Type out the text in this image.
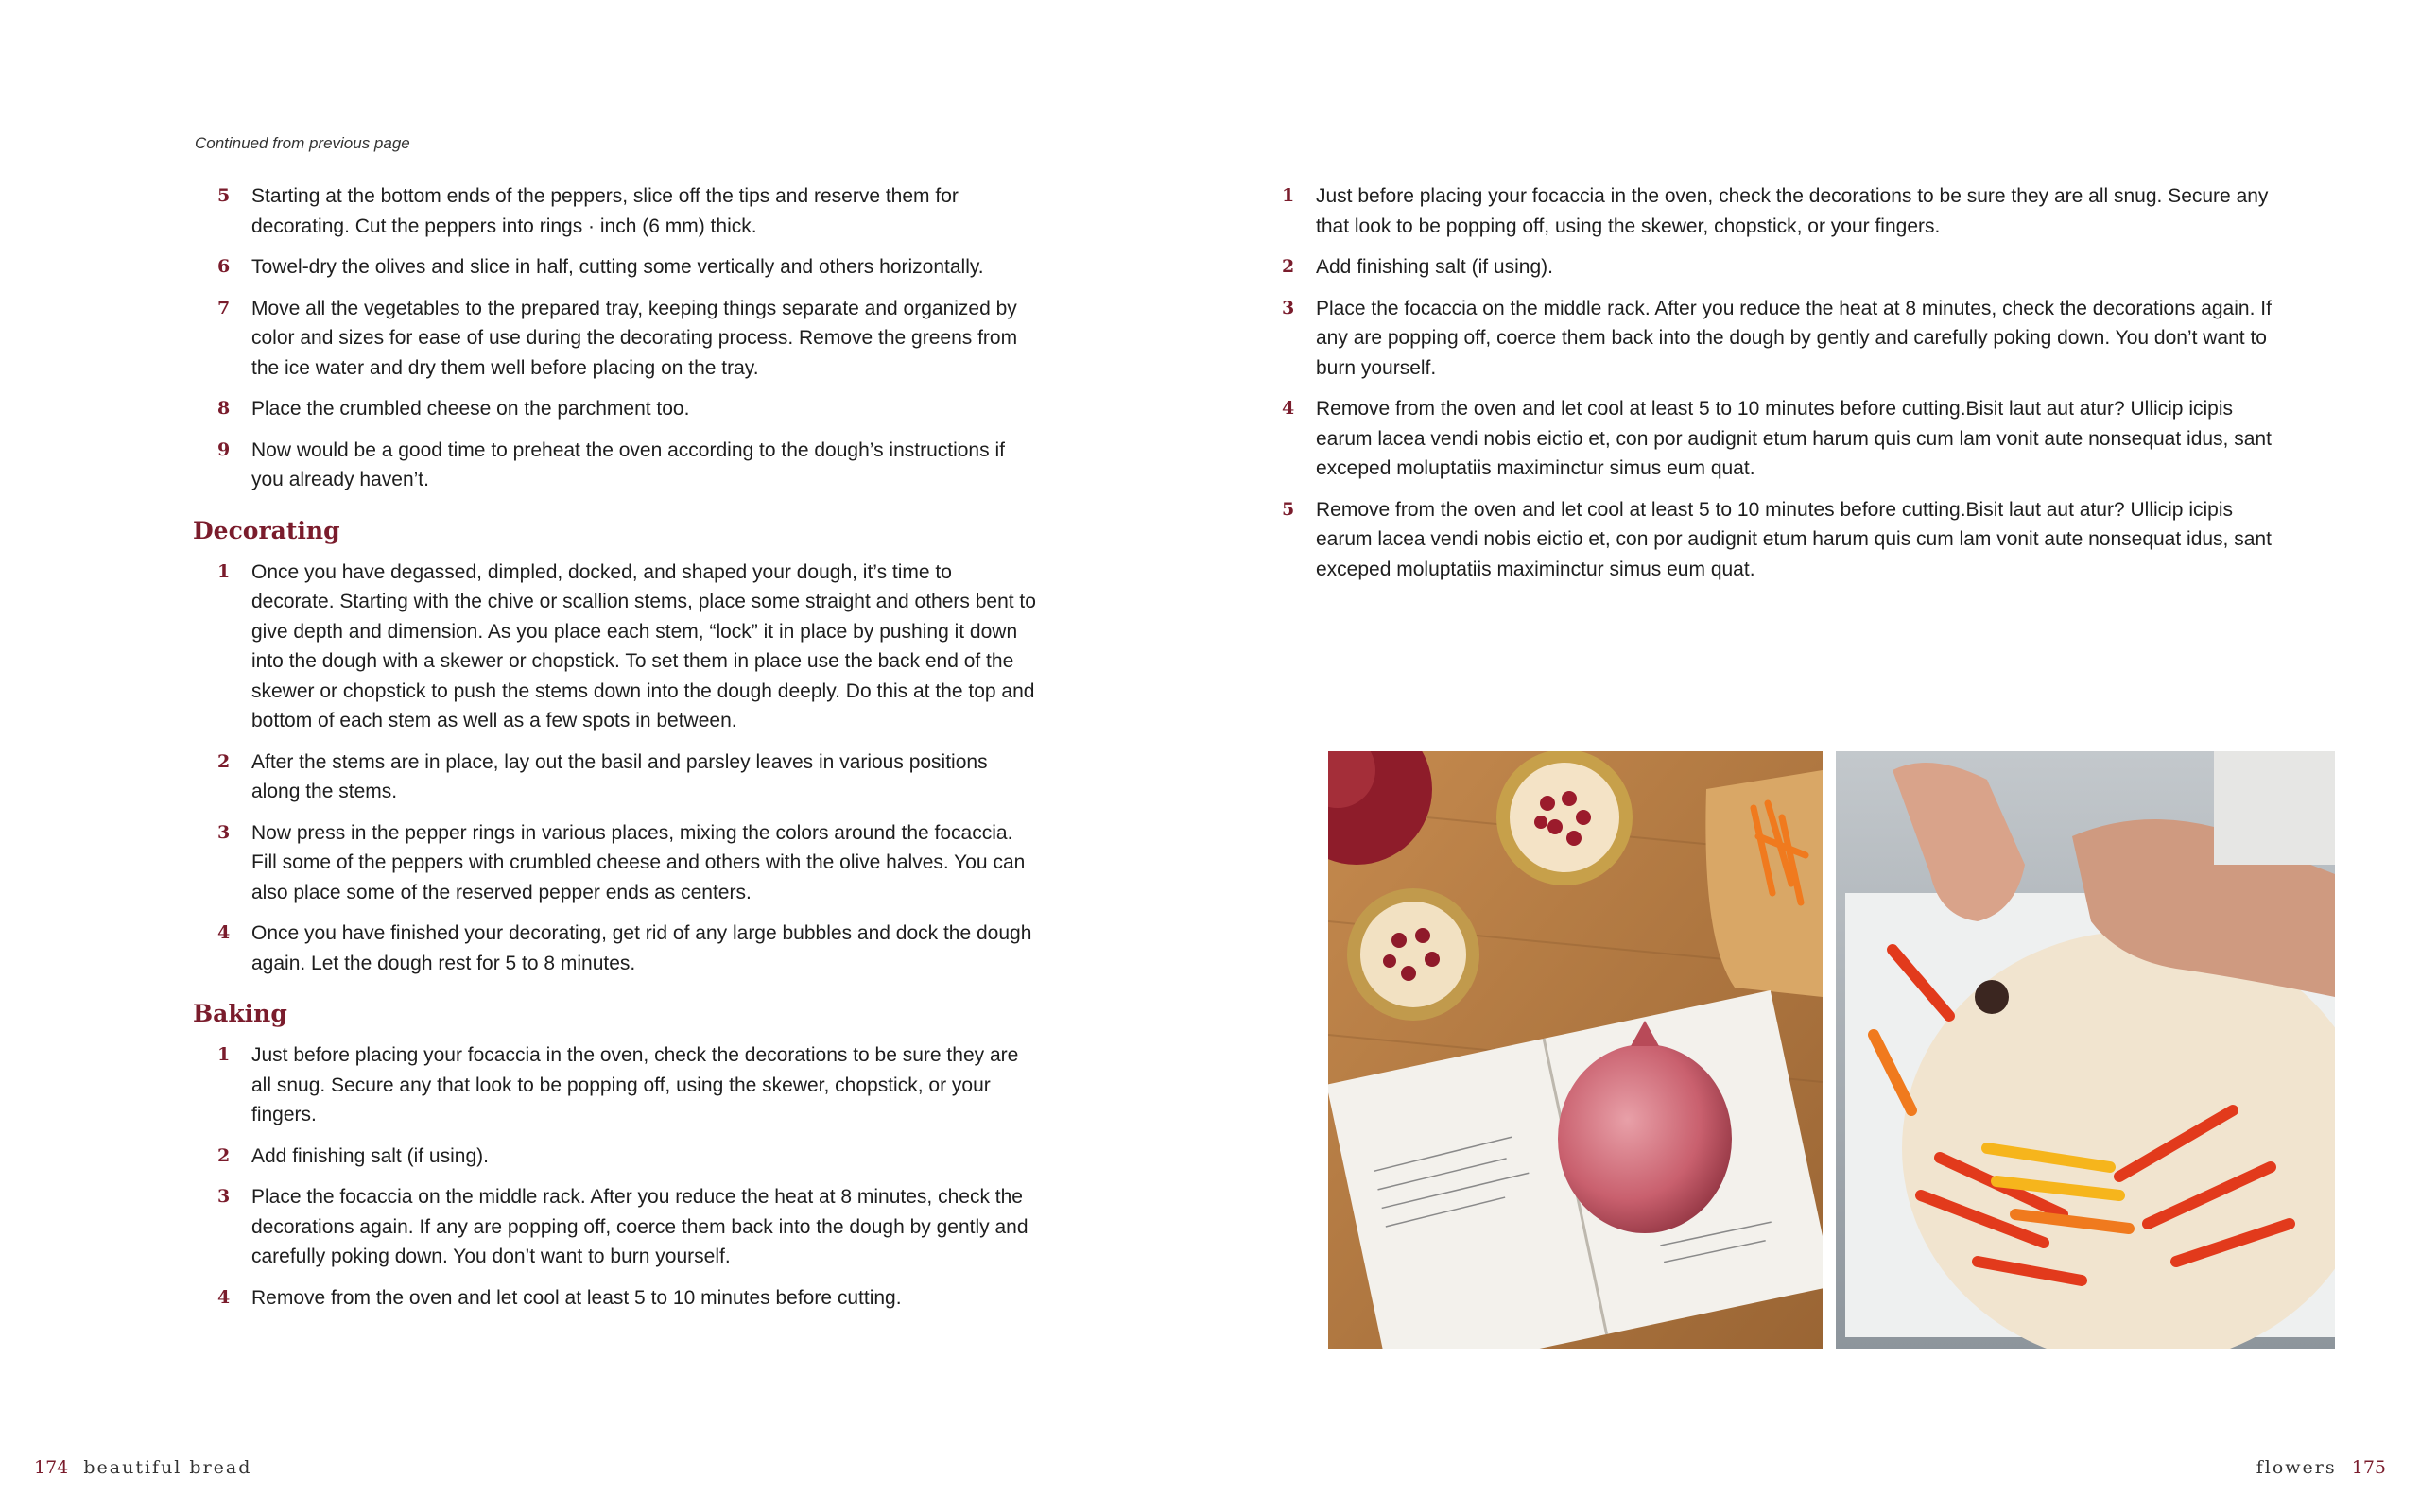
Continued from previous page
5 Starting at the bottom ends of the peppers, slice off the tips and reserve them for decorating. Cut the peppers into rings · inch (6 mm) thick.
6 Towel-dry the olives and slice in half, cutting some vertically and others horizontally.
7 Move all the vegetables to the prepared tray, keeping things separate and organized by color and sizes for ease of use during the decorating process. Remove the greens from the ice water and dry them well before placing on the tray.
8 Place the crumbled cheese on the parchment too.
9 Now would be a good time to preheat the oven according to the dough’s instructions if you already haven’t.
Decorating
1 Once you have degassed, dimpled, docked, and shaped your dough, it’s time to decorate. Starting with the chive or scallion stems, place some straight and others bent to give depth and dimension. As you place each stem, “lock” it in place by pushing it down into the dough with a skewer or chopstick. To set them in place use the back end of the skewer or chopstick to push the stems down into the dough deeply. Do this at the top and bottom of each stem as well as a few spots in between.
2 After the stems are in place, lay out the basil and parsley leaves in various positions along the stems.
3 Now press in the pepper rings in various places, mixing the colors around the focaccia. Fill some of the peppers with crumbled cheese and others with the olive halves. You can also place some of the reserved pepper ends as centers.
4 Once you have finished your decorating, get rid of any large bubbles and dock the dough again. Let the dough rest for 5 to 8 minutes.
Baking
1 Just before placing your focaccia in the oven, check the decorations to be sure they are all snug. Secure any that look to be popping off, using the skewer, chopstick, or your fingers.
2 Add finishing salt (if using).
3 Place the focaccia on the middle rack. After you reduce the heat at 8 minutes, check the decorations again. If any are popping off, coerce them back into the dough by gently and carefully poking down. You don’t want to burn yourself.
4 Remove from the oven and let cool at least 5 to 10 minutes before cutting.
174 beautiful bread
1 Just before placing your focaccia in the oven, check the decorations to be sure they are all snug. Secure any that look to be popping off, using the skewer, chopstick, or your fingers.
2 Add finishing salt (if using).
3 Place the focaccia on the middle rack. After you reduce the heat at 8 minutes, check the decorations again. If any are popping off, coerce them back into the dough by gently and carefully poking down. You don’t want to burn yourself.
4 Remove from the oven and let cool at least 5 to 10 minutes before cutting.Bisit laut aut atur? Ullicip icipis earum lacea vendi nobis eictio et, con por audignit etum harum quis cum lam vonit aute nonsequat idus, sant exceped moluptatiis maximinctur simus eum quat.
5 Remove from the oven and let cool at least 5 to 10 minutes before cutting.Bisit laut aut atur? Ullicip icipis earum lacea vendi nobis eictio et, con por audignit etum harum quis cum lam vonit aute nonsequat idus, sant exceped moluptatiis maximinctur simus eum quat.
flowers 175
